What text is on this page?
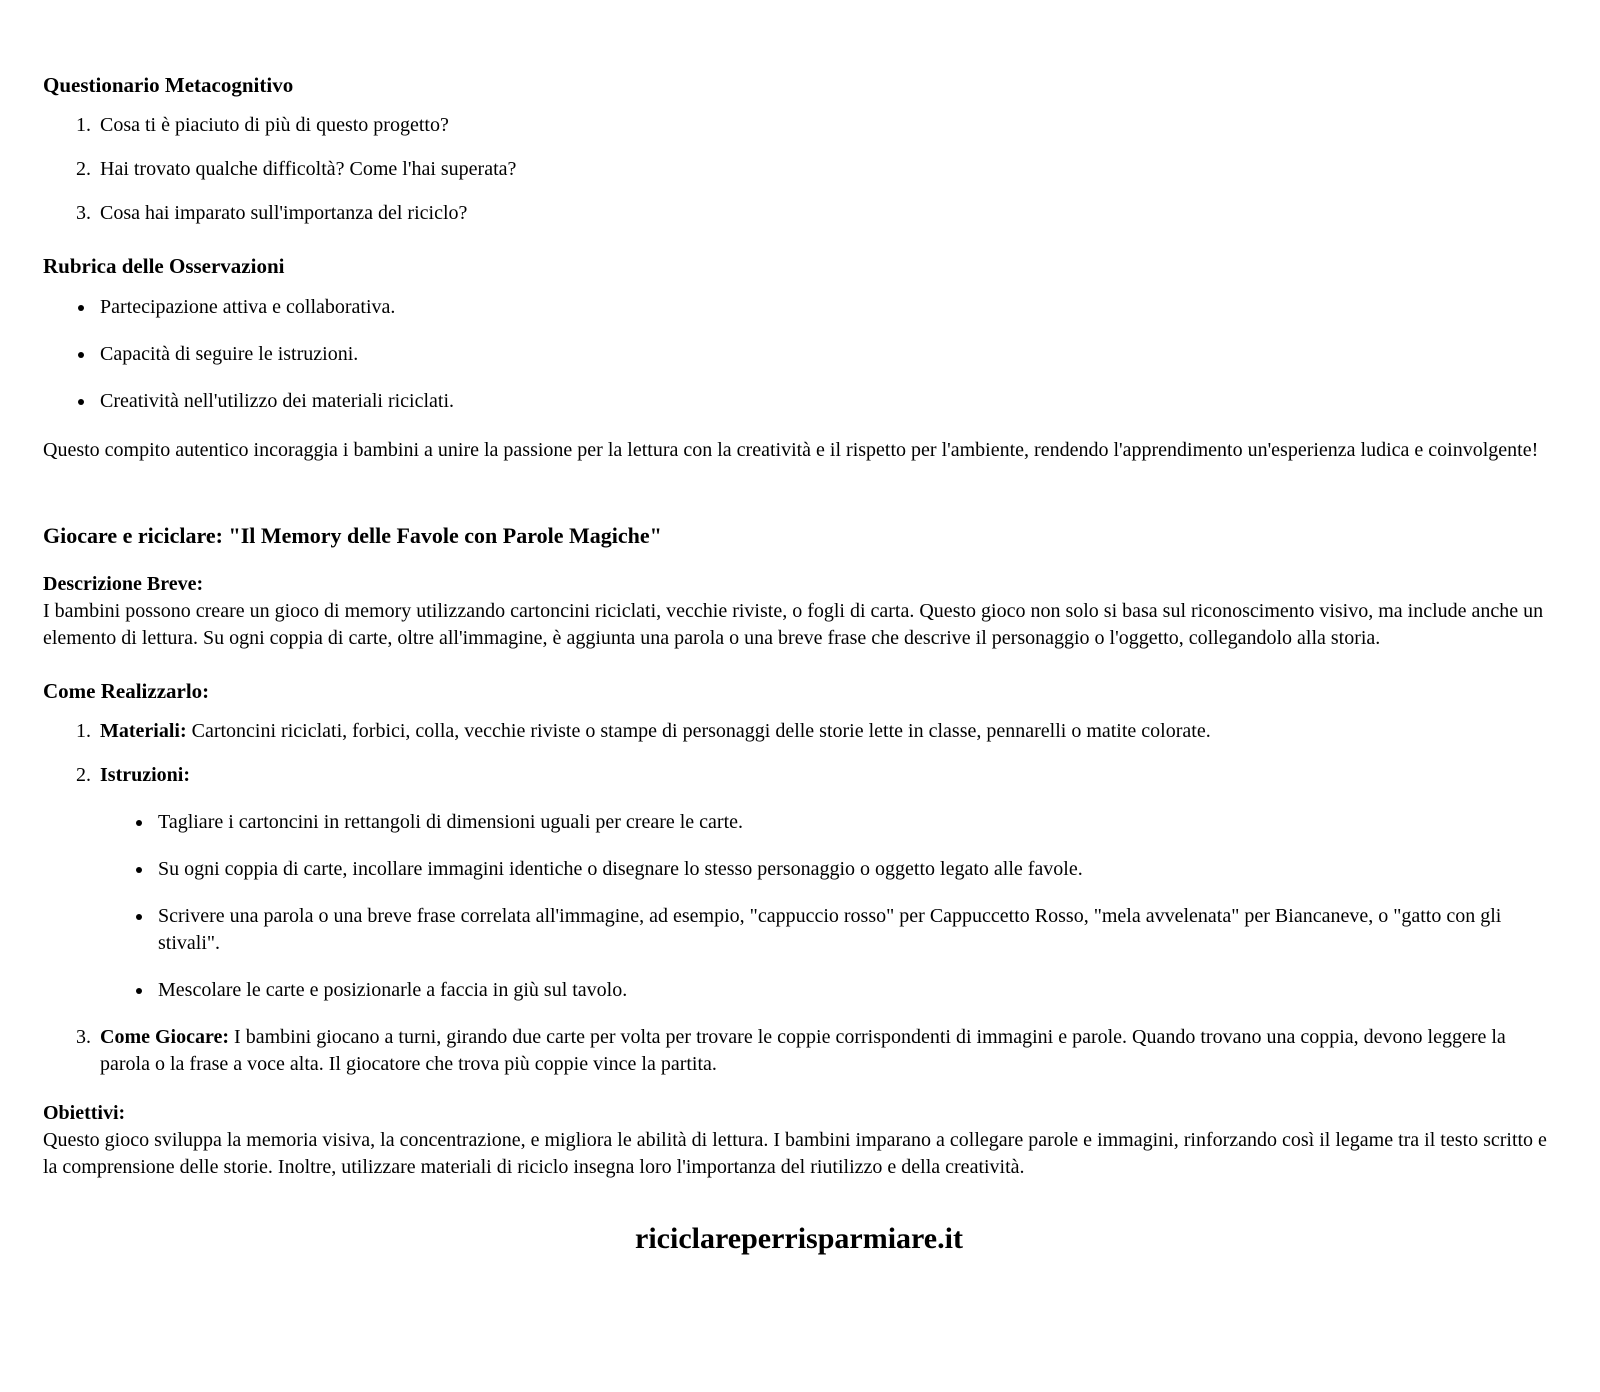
Questionario Metacognitivo
1. Cosa ti è piaciuto di più di questo progetto?
2. Hai trovato qualche difficoltà? Come l'hai superata?
3. Cosa hai imparato sull'importanza del riciclo?
Rubrica delle Osservazioni
• Partecipazione attiva e collaborativa.
• Capacità di seguire le istruzioni.
• Creatività nell'utilizzo dei materiali riciclati.

Questo compito autentico incoraggia i bambini a unire la passione per la lettura con la creatività e il rispetto per l'ambiente, rendendo l'apprendimento un'esperienza ludica e coinvolgente!

Giocare e riciclare: "Il Memory delle Favole con Parole Magiche"

Descrizione Breve:
I bambini possono creare un gioco di memory utilizzando cartoncini riciclati, vecchie riviste, o fogli di carta. Questo gioco non solo si basa sul riconoscimento visivo, ma include anche un elemento di lettura. Su ogni coppia di carte, oltre all'immagine, è aggiunta una parola o una breve frase che descrive il personaggio o l'oggetto, collegandolo alla storia.

Come Realizzarlo:
1. Materiali: Cartoncini riciclati, forbici, colla, vecchie riviste o stampe di personaggi delle storie lette in classe, pennarelli o matite colorate.
2. Istruzioni:
• Tagliare i cartoncini in rettangoli di dimensioni uguali per creare le carte.
• Su ogni coppia di carte, incollare immagini identiche o disegnare lo stesso personaggio o oggetto legato alle favole.
• Scrivere una parola o una breve frase correlata all'immagine, ad esempio, "cappuccio rosso" per Cappuccetto Rosso, "mela avvelenata" per Biancaneve, o "gatto con gli stivali".
• Mescolare le carte e posizionarle a faccia in giù sul tavolo.
3. Come Giocare: I bambini giocano a turni, girando due carte per volta per trovare le coppie corrispondenti di immagini e parole. Quando trovano una coppia, devono leggere la parola o la frase a voce alta. Il giocatore che trova più coppie vince la partita.

Obiettivi:
Questo gioco sviluppa la memoria visiva, la concentrazione, e migliora le abilità di lettura. I bambini imparano a collegare parole e immagini, rinforzando così il legame tra il testo scritto e la comprensione delle storie. Inoltre, utilizzare materiali di riciclo insegna loro l'importanza del riutilizzo e della creatività.

riciclareperrisparmiare.it
